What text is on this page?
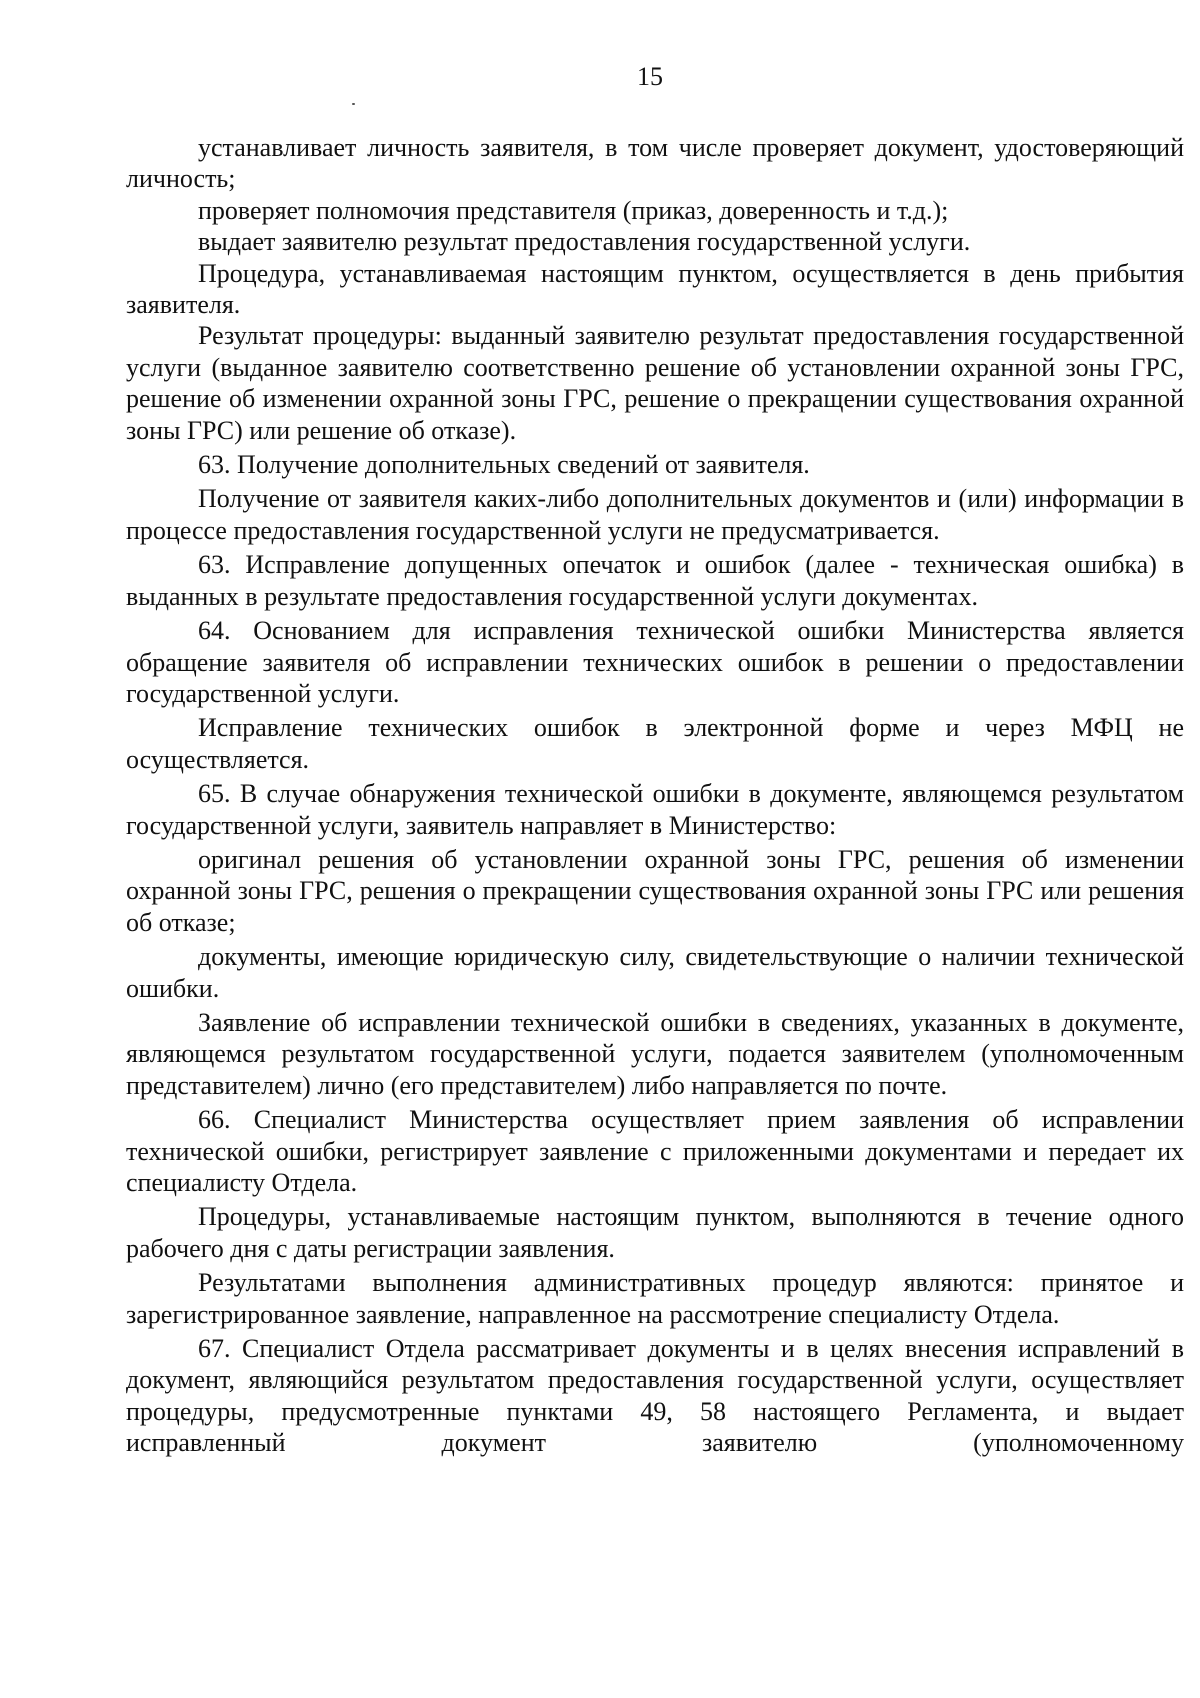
15

устанавливает личность заявителя, в том числе проверяет документ, удостоверяющий личность;

проверяет полномочия представителя (приказ, доверенность и т.д.);

выдает заявителю результат предоставления государственной услуги.

Процедура, устанавливаемая настоящим пунктом, осуществляется в день прибытия заявителя.

Результат процедуры: выданный заявителю результат предоставления государственной услуги (выданное заявителю соответственно решение об установлении охранной зоны ГРС, решение об изменении охранной зоны ГРС, решение о прекращении существования охранной зоны ГРС) или решение об отказе).

63. Получение дополнительных сведений от заявителя.

Получение от заявителя каких-либо дополнительных документов и (или) информации в процессе предоставления государственной услуги не предусматривается.

63. Исправление допущенных опечаток и ошибок (далее - техническая ошибка) в выданных в результате предоставления государственной услуги документах.

64. Основанием для исправления технической ошибки Министерства является обращение заявителя об исправлении технических ошибок в решении о предоставлении государственной услуги.

Исправление технических ошибок в электронной форме и через МФЦ не осуществляется.

65. В случае обнаружения технической ошибки в документе, являющемся результатом государственной услуги, заявитель направляет в Министерство:

оригинал решения об установлении охранной зоны ГРС, решения об изменении охранной зоны ГРС, решения о прекращении существования охранной зоны ГРС или решения об отказе;

документы, имеющие юридическую силу, свидетельствующие о наличии технической ошибки.

Заявление об исправлении технической ошибки в сведениях, указанных в документе, являющемся результатом государственной услуги, подается заявителем (уполномоченным представителем) лично (его представителем) либо направляется по почте.

66. Специалист Министерства осуществляет прием заявления об исправлении технической ошибки, регистрирует заявление с приложенными документами и передает их специалисту Отдела.

Процедуры, устанавливаемые настоящим пунктом, выполняются в течение одного рабочего дня с даты регистрации заявления.

Результатами выполнения административных процедур являются: принятое и зарегистрированное заявление, направленное на рассмотрение специалисту Отдела.

67. Специалист Отдела рассматривает документы и в целях внесения исправлений в документ, являющийся результатом предоставления государственной услуги, осуществляет процедуры, предусмотренные пунктами 49, 58 настоящего Регламента, и выдает исправленный документ заявителю (уполномоченному
